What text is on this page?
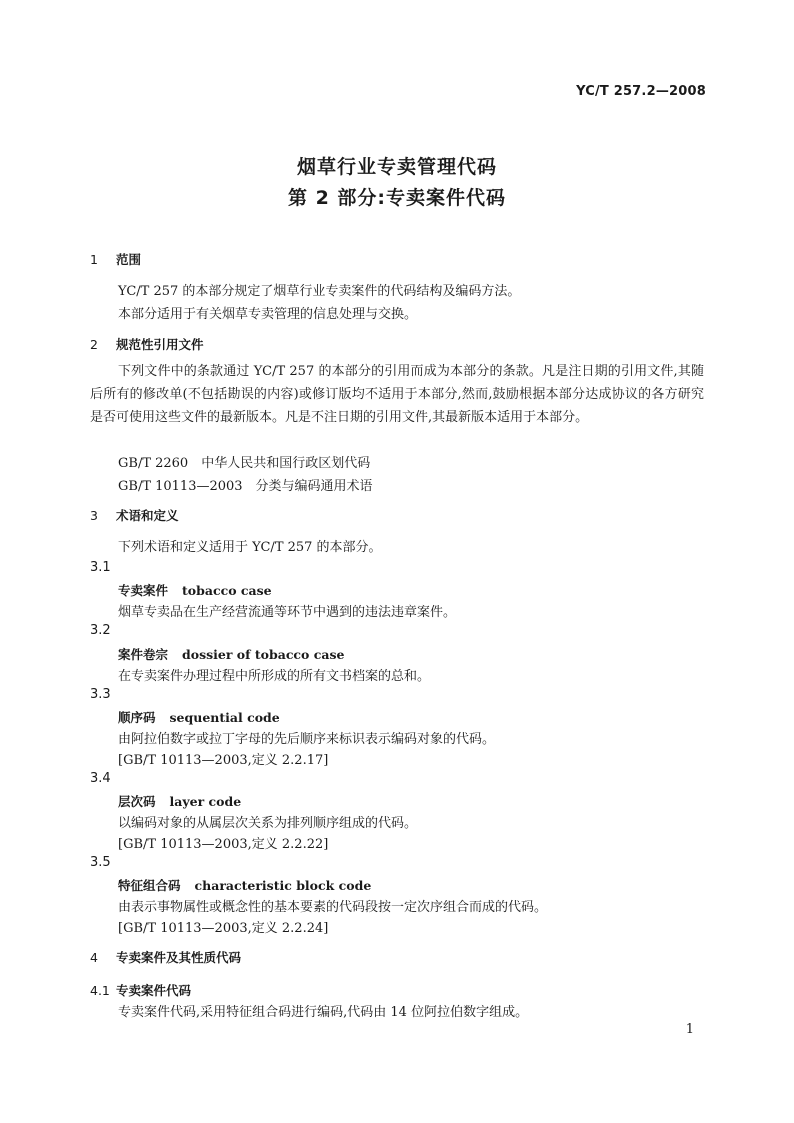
YC/T 257.2—2008
烟草行业专卖管理代码
第 2 部分:专卖案件代码
1 范围
YC/T 257 的本部分规定了烟草行业专卖案件的代码结构及编码方法。
本部分适用于有关烟草专卖管理的信息处理与交换。
2 规范性引用文件
下列文件中的条款通过 YC/T 257 的本部分的引用而成为本部分的条款。凡是注日期的引用文件,其随后所有的修改单(不包括勘误的内容)或修订版均不适用于本部分,然而,鼓励根据本部分达成协议的各方研究是否可使用这些文件的最新版本。凡是不注日期的引用文件,其最新版本适用于本部分。
GB/T 2260　中华人民共和国行政区划代码
GB/T 10113—2003　分类与编码通用术语
3 术语和定义
下列术语和定义适用于 YC/T 257 的本部分。
3.1
专卖案件 tobacco case
烟草专卖品在生产经营流通等环节中遇到的违法违章案件。
3.2
案件卷宗 dossier of tobacco case
在专卖案件办理过程中所形成的所有文书档案的总和。
3.3
顺序码 sequential code
由阿拉伯数字或拉丁字母的先后顺序来标识表示编码对象的代码。
[GB/T 10113—2003,定义 2.2.17]
3.4
层次码 layer code
以编码对象的从属层次关系为排列顺序组成的代码。
[GB/T 10113—2003,定义 2.2.22]
3.5
特征组合码 characteristic block code
由表示事物属性或概念性的基本要素的代码段按一定次序组合而成的代码。
[GB/T 10113—2003,定义 2.2.24]
4 专卖案件及其性质代码
4.1 专卖案件代码
专卖案件代码,采用特征组合码进行编码,代码由 14 位阿拉伯数字组成。
1
